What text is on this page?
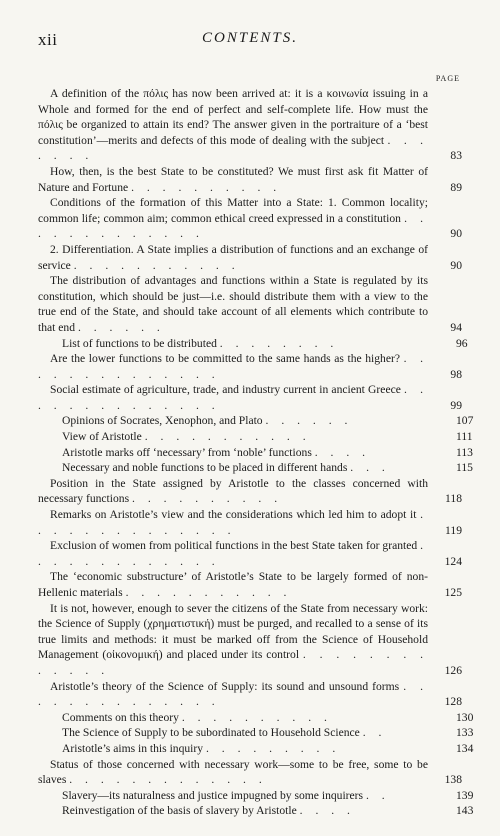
xii	CONTENTS.
PAGE
A definition of the πόλις has now been arrived at: it is a κοινωνία issuing in a Whole and formed for the end of perfect and self-complete life. How must the πόλις be organized to attain its end? The answer given in the portraiture of a ‘best constitution’—merits and defects of this mode of dealing with the subject . . . . . . .	83
How, then, is the best State to be constituted? We must first ask fit Matter of Nature and Fortune . . . . . . . . . .	89
Conditions of the formation of this Matter into a State: 1. Common locality; common life; common aim; common ethical creed expressed in a constitution . . . . . . . . . . . . .	90
2. Differentiation. A State implies a distribution of functions and an exchange of service . . . . . . . . . . .	90
The distribution of advantages and functions within a State is regulated by its constitution, which should be just—i.e. should distribute them with a view to the true end of the State, and should take account of all elements which contribute to that end . . . . . .	94
List of functions to be distributed . . . . . . . .	96
Are the lower functions to be committed to the same hands as the higher? . . . . . . . . . . . . . .	98
Social estimate of agriculture, trade, and industry current in ancient Greece . . . . . . . . . . . . . .	99
Opinions of Socrates, Xenophon, and Plato . . . . . .	107
View of Aristotle . . . . . . . . . . .	111
Aristotle marks off ‘necessary’ from ‘noble’ functions . . . .	113
Necessary and noble functions to be placed in different hands . . .	115
Position in the State assigned by Aristotle to the classes concerned with necessary functions . . . . . . . . . .	118
Remarks on Aristotle’s view and the considerations which led him to adopt it . . . . . . . . . . . . . .	119
Exclusion of women from political functions in the best State taken for granted . . . . . . . . . . . . .	124
The ‘economic substructure’ of Aristotle’s State to be largely formed of non-Hellenic materials . . . . . . . . . . .	125
It is not, however, enough to sever the citizens of the State from necessary work: the Science of Supply (χρηματιστική) must be purged, and recalled to a sense of its true limits and methods: it must be marked off from the Science of Household Management (οἰκονομική) and placed under its control . . . . . . . . . . . . .	126
Aristotle’s theory of the Science of Supply: its sound and unsound forms . . . . . . . . . . . . . .	128
Comments on this theory . . . . . . . . . .	130
The Science of Supply to be subordinated to Household Science . .	133
Aristotle’s aims in this inquiry . . . . . . . . .	134
Status of those concerned with necessary work—some to be free, some to be slaves . . . . . . . . . . . . .	138
Slavery—its naturalness and justice impugned by some inquirers . .	139
Reinvestigation of the basis of slavery by Aristotle . . . .	143
